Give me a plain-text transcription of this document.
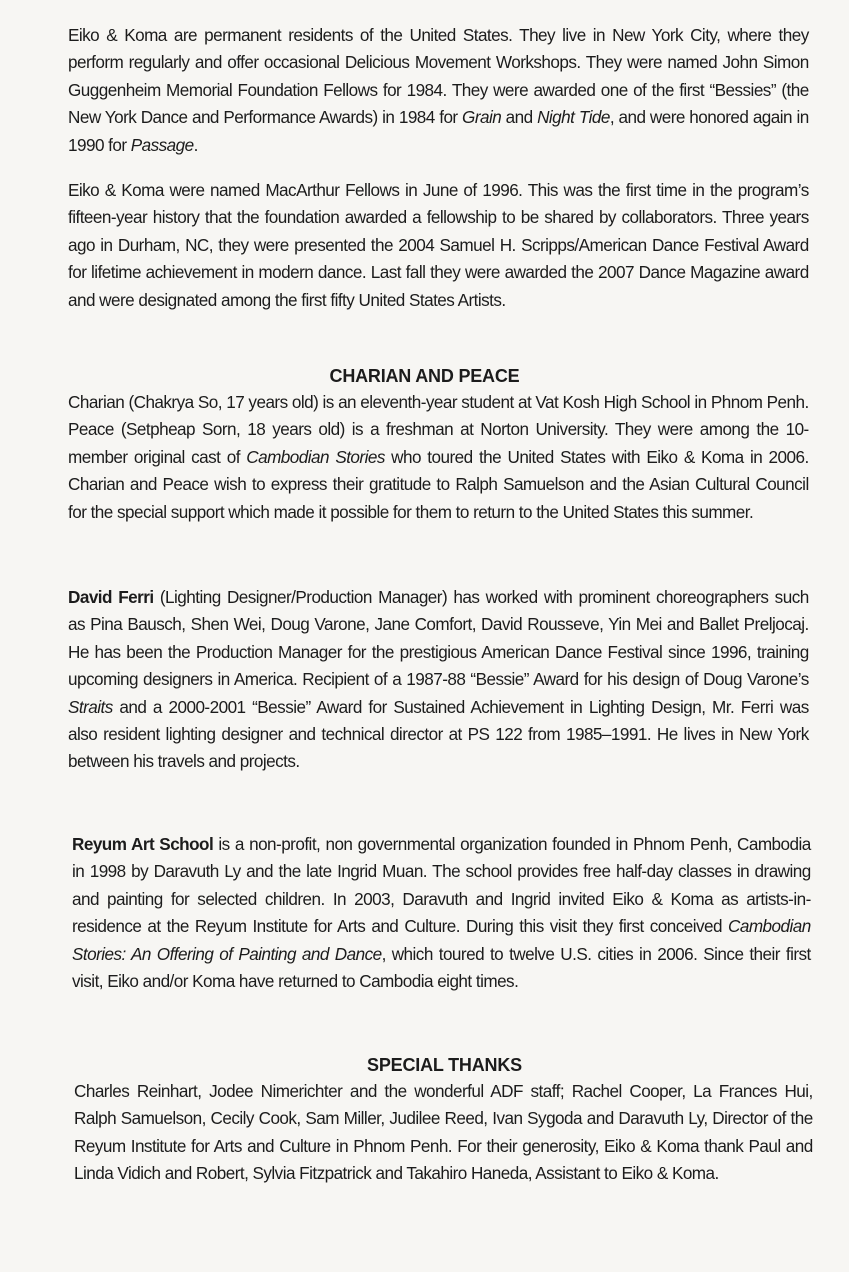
Eiko & Koma are permanent residents of the United States. They live in New York City, where they perform regularly and offer occasional Delicious Movement Workshops. They were named John Simon Guggenheim Memorial Foundation Fellows for 1984. They were awarded one of the first “Bessies” (the New York Dance and Performance Awards) in 1984 for Grain and Night Tide, and were honored again in 1990 for Passage.

Eiko & Koma were named MacArthur Fellows in June of 1996. This was the first time in the program’s fifteen-year history that the foundation awarded a fellowship to be shared by collaborators. Three years ago in Durham, NC, they were presented the 2004 Samuel H. Scripps/American Dance Festival Award for lifetime achievement in modern dance. Last fall they were awarded the 2007 Dance Magazine award and were designated among the first fifty United States Artists.

CHARIAN AND PEACE

Charian (Chakrya So, 17 years old) is an eleventh-year student at Vat Kosh High School in Phnom Penh. Peace (Setpheap Sorn, 18 years old) is a freshman at Norton University. They were among the 10-member original cast of Cambodian Stories who toured the United States with Eiko & Koma in 2006. Charian and Peace wish to express their gratitude to Ralph Samuelson and the Asian Cultural Council for the special support which made it possible for them to return to the United States this summer.

David Ferri (Lighting Designer/Production Manager) has worked with prominent choreographers such as Pina Bausch, Shen Wei, Doug Varone, Jane Comfort, David Rousseve, Yin Mei and Ballet Preljocaj. He has been the Production Manager for the prestigious American Dance Festival since 1996, training upcoming designers in America. Recipient of a 1987-88 “Bessie” Award for his design of Doug Varone’s Straits and a 2000-2001 “Bessie” Award for Sustained Achievement in Lighting Design, Mr. Ferri was also resident lighting designer and technical director at PS 122 from 1985–1991. He lives in New York between his travels and projects.

Reyum Art School is a non-profit, non governmental organization founded in Phnom Penh, Cambodia in 1998 by Daravuth Ly and the late Ingrid Muan. The school provides free half-day classes in drawing and painting for selected children. In 2003, Daravuth and Ingrid invited Eiko & Koma as artists-in-residence at the Reyum Institute for Arts and Culture. During this visit they first conceived Cambodian Stories: An Offering of Painting and Dance, which toured to twelve U.S. cities in 2006. Since their first visit, Eiko and/or Koma have returned to Cambodia eight times.

SPECIAL THANKS

Charles Reinhart, Jodee Nimerichter and the wonderful ADF staff; Rachel Cooper, La Frances Hui, Ralph Samuelson, Cecily Cook, Sam Miller, Judilee Reed, Ivan Sygoda and Daravuth Ly, Director of the Reyum Institute for Arts and Culture in Phnom Penh. For their generosity, Eiko & Koma thank Paul and Linda Vidich and Robert, Sylvia Fitzpatrick and Takahiro Haneda, Assistant to Eiko & Koma.
